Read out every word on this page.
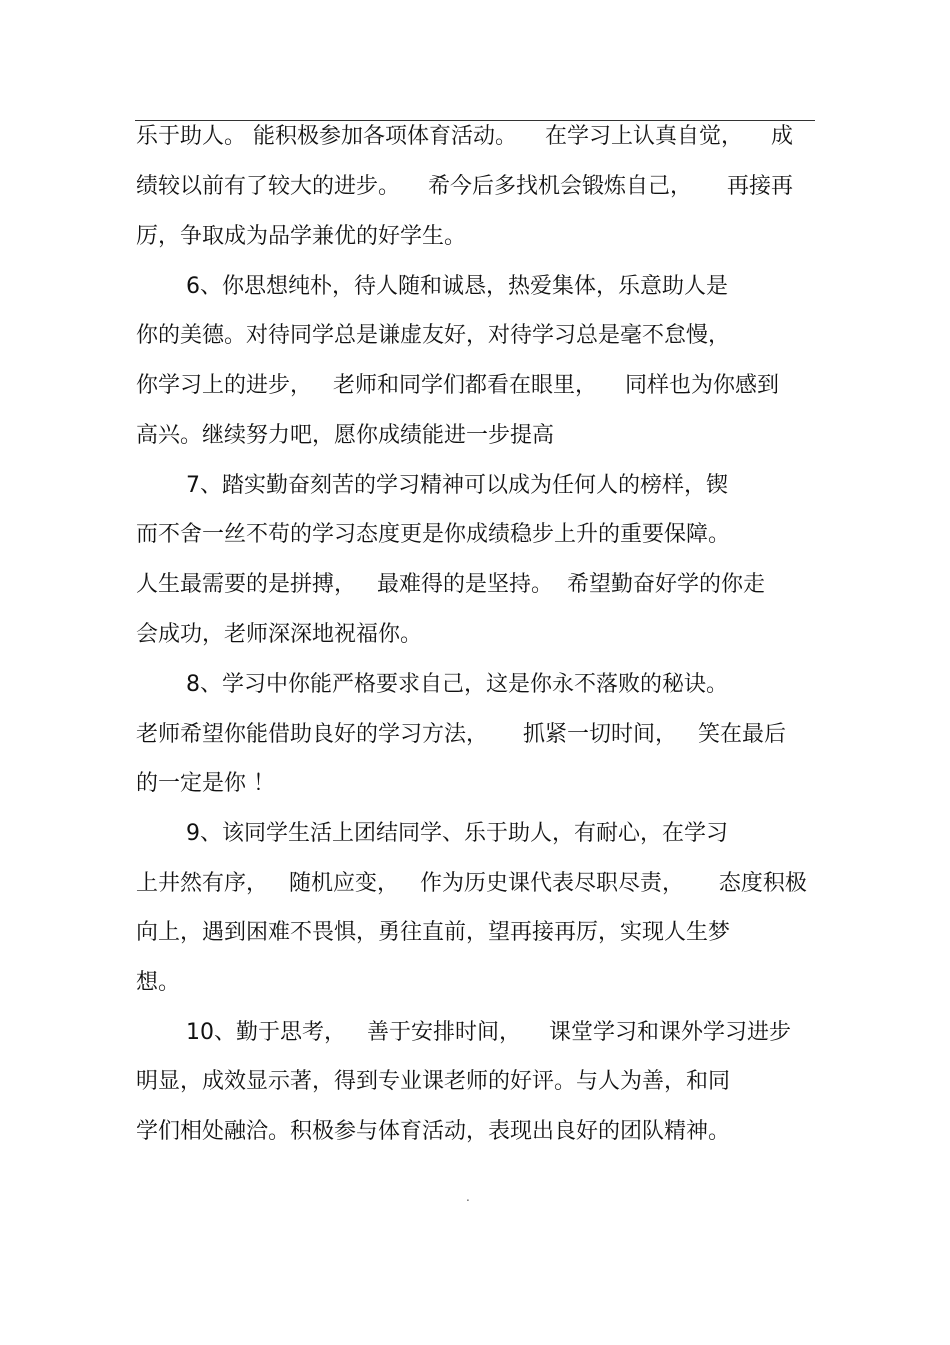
乐于助人。 能积极参加各项体育活动。    在学习上认真自觉，    成
绩较以前有了较大的进步。    希今后多找机会锻炼自己，     再接再
厉，争取成为品学兼优的好学生。
6、你思想纯朴，待人随和诚恳，热爱集体，乐意助人是
你的美德。对待同学总是谦虚友好，对待学习总是毫不怠慢，
你学习上的进步，   老师和同学们都看在眼里，    同样也为你感到
高兴。继续努力吧，愿你成绩能进一步提高
7、踏实勤奋刻苦的学习精神可以成为任何人的榜样，锲
而不舍一丝不苟的学习态度更是你成绩稳步上升的重要保障。
人生最需要的是拼搏，   最难得的是坚持。  希望勤奋好学的你走
会成功，老师深深地祝福你。
8、学习中你能严格要求自己，这是你永不落败的秘诀。
老师希望你能借助良好的学习方法，     抓紧一切时间，   笑在最后
的一定是你 ！
9、该同学生活上团结同学、乐于助人，有耐心，在学习
上井然有序，   随机应变，   作为历史课代表尽职尽责，     态度积极
向上，遇到困难不畏惧，勇往直前，望再接再厉，实现人生梦
想。
10、勤于思考，   善于安排时间，    课堂学习和课外学习进步
明显，成效显示著，得到专业课老师的好评。与人为善，和同
学们相处融洽。积极参与体育活动，表现出良好的团队精神。
.
